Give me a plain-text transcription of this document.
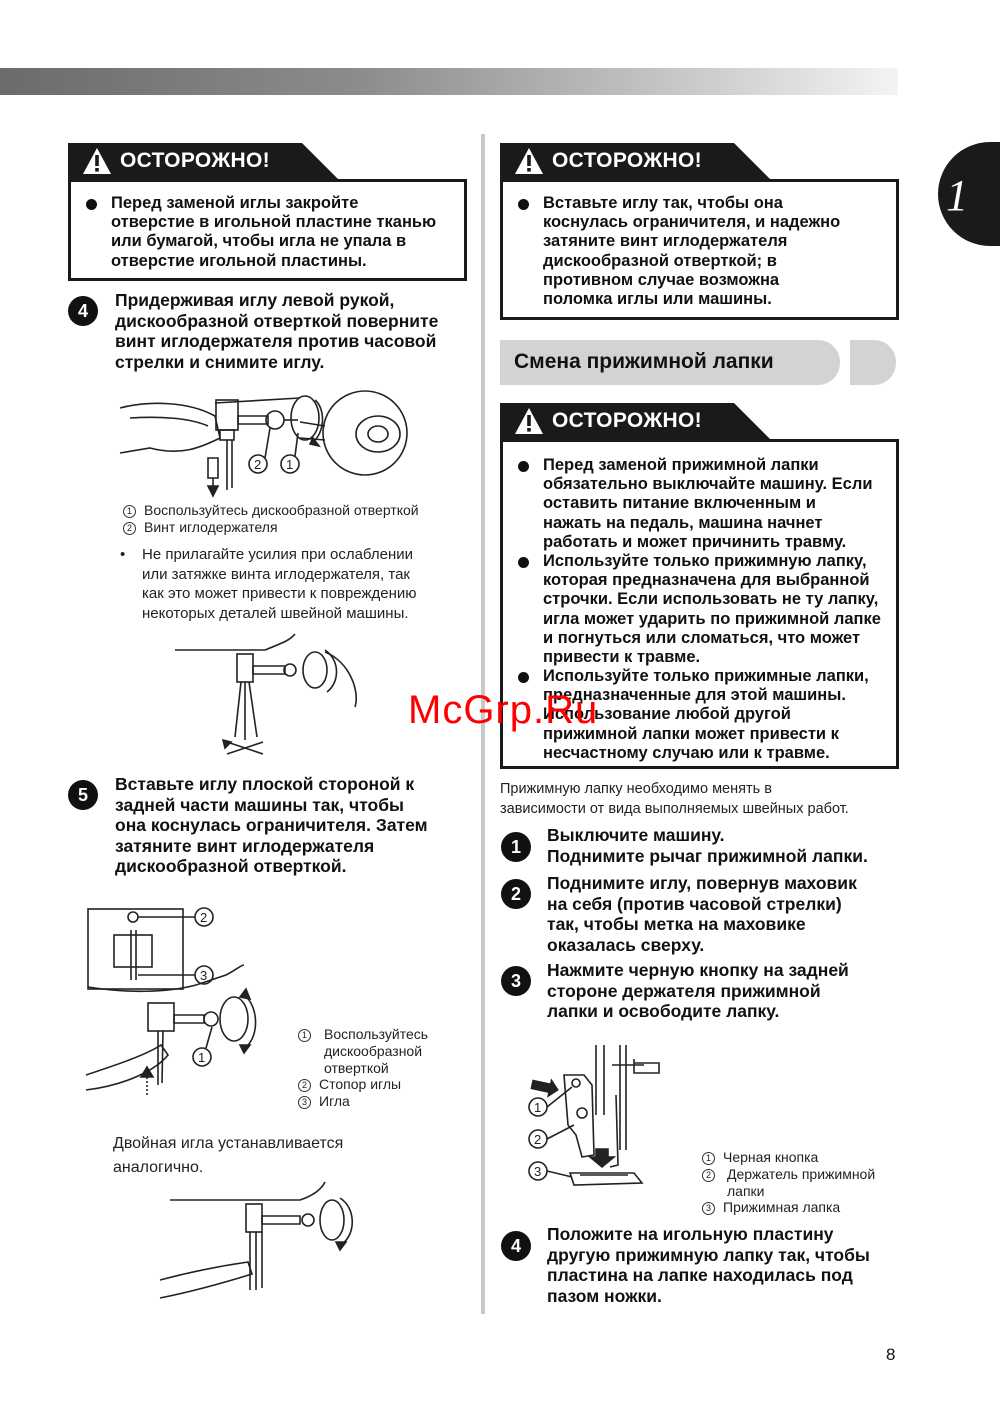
1
ОСТОРОЖНО!
Перед заменой иглы закройте
отверстие в игольной пластине тканью
или бумагой, чтобы игла не упала в
отверстие игольной пластины.
4
Придерживая иглу левой рукой,
дискообразной отверткой поверните
винт иглодержателя против часовой
стрелки и снимите иглу.
2 1
1 Воспользуйтесь дискообразной отверткой
2 Винт иглодержателя
• Не прилагайте усилия при ослаблении
или затяжке винта иглодержателя, так
как это может привести к повреждению
некоторых деталей швейной машины.
5
Вставьте иглу плоской стороной к
задней части машины так, чтобы
она коснулась ограничителя. Затем
затяните винт иглодержателя
дискообразной отверткой.
2
3
1
1	Воспользуйтесь
дискообразной
отверткой
2 Стопор иглы
3 Игла
Двойная игла устанавливается
аналогично.
ОСТОРОЖНО!
Вставьте иглу так, чтобы она
коснулась ограничителя, и надежно
затяните винт иглодержателя
дискообразной отверткой; в
противном случае возможна
поломка иглы или машины.
Смена прижимной лапки
ОСТОРОЖНО!
Перед заменой прижимной лапки
обязательно выключайте машину. Если
оставить питание включенным и
нажать на педаль, машина начнет
работать и может причинить травму.
Используйте только прижимную лапку,
которая предназначена для выбранной
строчки. Если использовать не ту лапку,
игла может ударить по прижимной лапке
и погнуться или сломаться, что может
привести к травме.
Используйте только прижимные лапки,
предназначенные для этой машины.
Использование любой другой
прижимной лапки может привести к
несчастному случаю или к травме.
Прижимную лапку необходимо менять в
зависимости от вида выполняемых швейных работ.
1
Выключите машину.
Поднимите рычаг прижимной лапки.
2
Поднимите иглу, повернув маховик
на себя (против часовой стрелки)
так, чтобы метка на маховике
оказалась сверху.
3
Нажмите черную кнопку на задней
стороне держателя прижимной
лапки и освободите лапку.
1
2
3
1 Черная кнопка
2	Держатель прижимной
лапки
3 Прижимная лапка
4
Положите на игольную пластину
другую прижимную лапку так, чтобы
пластина на лапке находилась под
пазом ножки.
McGrp.Ru
8
